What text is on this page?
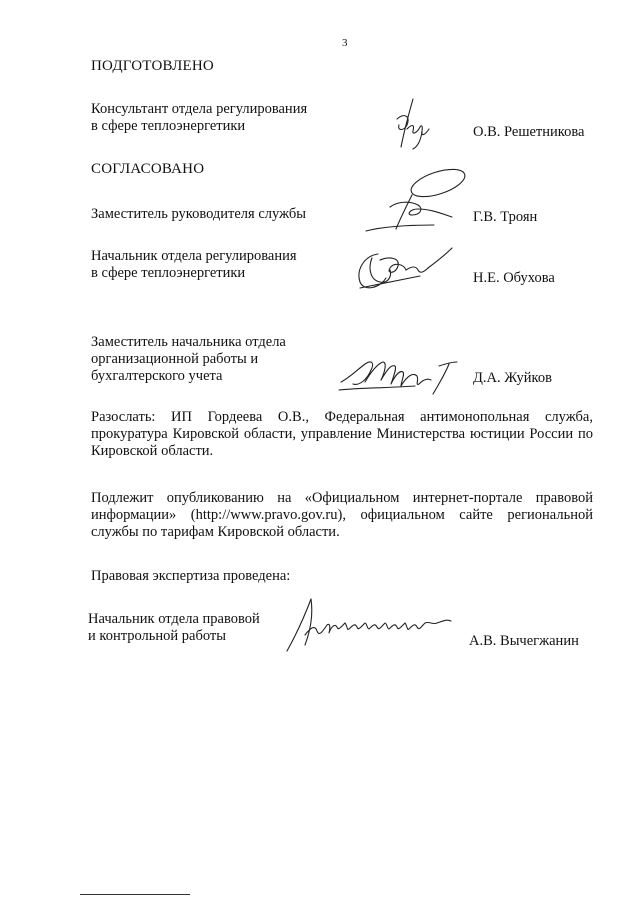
3
ПОДГОТОВЛЕНО
Консультант отдела регулирования
в сфере теплоэнергетики	О.В. Решетникова
СОГЛАСОВАНО
Заместитель руководителя службы	Г.В. Троян
Начальник отдела регулирования
в сфере теплоэнергетики	Н.Е. Обухова
Заместитель начальника отдела
организационной работы и
бухгалтерского учета	Д.А. Жуйков
Разослать: ИП Гордеева О.В., Федеральная антимонопольная служба, прокуратура Кировской области, управление Министерства юстиции России по Кировской области.
Подлежит опубликованию на «Официальном интернет-портале правовой информации» (http://www.pravo.gov.ru), официальном сайте региональной службы по тарифам Кировской области.
Правовая экспертиза проведена:
Начальник отдела правовой
и контрольной работы	А.В. Вычегжанин
